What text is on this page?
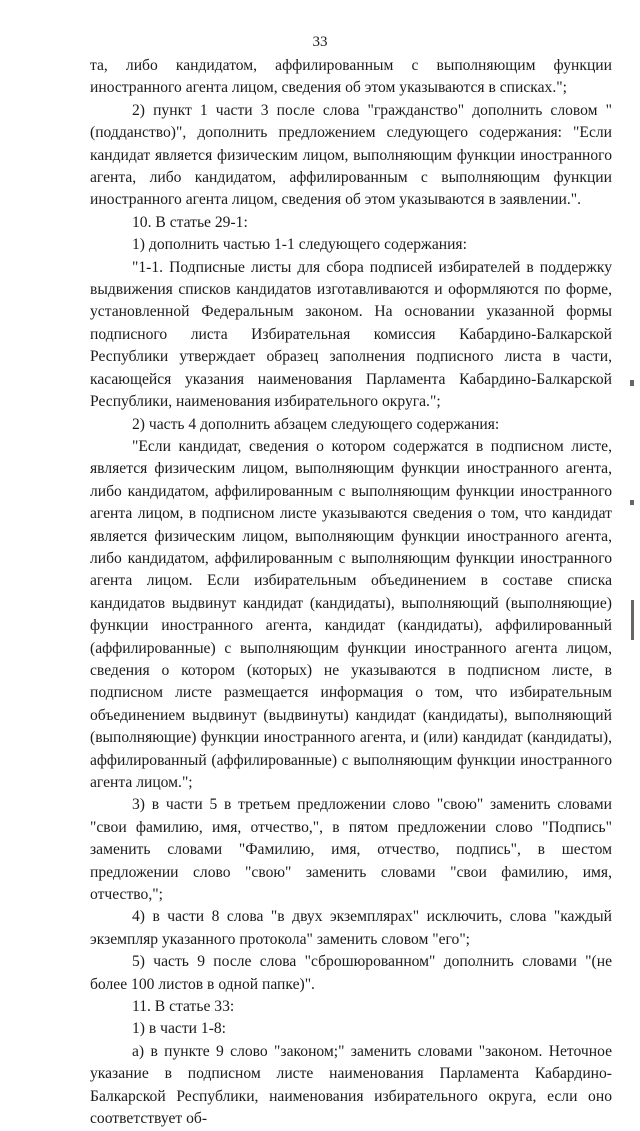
33

та, либо кандидатом, аффилированным с выполняющим функции иностранного агента лицом, сведения об этом указываются в списках.";

2) пункт 1 части 3 после слова "гражданство" дополнить словом "(подданство)", дополнить предложением следующего содержания: "Если кандидат является физическим лицом, выполняющим функции иностранного агента, либо кандидатом, аффилированным с выполняющим функции иностранного агента лицом, сведения об этом указываются в заявлении.".

10. В статье 29-1:

1) дополнить частью 1-1 следующего содержания:

"1-1. Подписные листы для сбора подписей избирателей в поддержку выдвижения списков кандидатов изготавливаются и оформляются по форме, установленной Федеральным законом. На основании указанной формы подписного листа Избирательная комиссия Кабардино-Балкарской Республики утверждает образец заполнения подписного листа в части, касающейся указания наименования Парламента Кабардино-Балкарской Республики, наименования избирательного округа.";

2) часть 4 дополнить абзацем следующего содержания:

"Если кандидат, сведения о котором содержатся в подписном листе, является физическим лицом, выполняющим функции иностранного агента, либо кандидатом, аффилированным с выполняющим функции иностранного агента лицом, в подписном листе указываются сведения о том, что кандидат является физическим лицом, выполняющим функции иностранного агента, либо кандидатом, аффилированным с выполняющим функции иностранного агента лицом. Если избирательным объединением в составе списка кандидатов выдвинут кандидат (кандидаты), выполняющий (выполняющие) функции иностранного агента, кандидат (кандидаты), аффилированный (аффилированные) с выполняющим функции иностранного агента лицом, сведения о котором (которых) не указываются в подписном листе, в подписном листе размещается информация о том, что избирательным объединением выдвинут (выдвинуты) кандидат (кандидаты), выполняющий (выполняющие) функции иностранного агента, и (или) кандидат (кандидаты), аффилированный (аффилированные) с выполняющим функции иностранного агента лицом.";

3) в части 5 в третьем предложении слово "свою" заменить словами "свои фамилию, имя, отчество,", в пятом предложении слово "Подпись" заменить словами "Фамилию, имя, отчество, подпись", в шестом предложении слово "свою" заменить словами "свои фамилию, имя, отчество,";

4) в части 8 слова "в двух экземплярах" исключить, слова "каждый экземпляр указанного протокола" заменить словом "его";

5) часть 9 после слова "сброшюрованном" дополнить словами "(не более 100 листов в одной папке)".

11. В статье 33:

1) в части 1-8:

а) в пункте 9 слово "законом;" заменить словами "законом. Неточное указание в подписном листе наименования Парламента Кабардино-Балкарской Республики, наименования избирательного округа, если оно соответствует об-
